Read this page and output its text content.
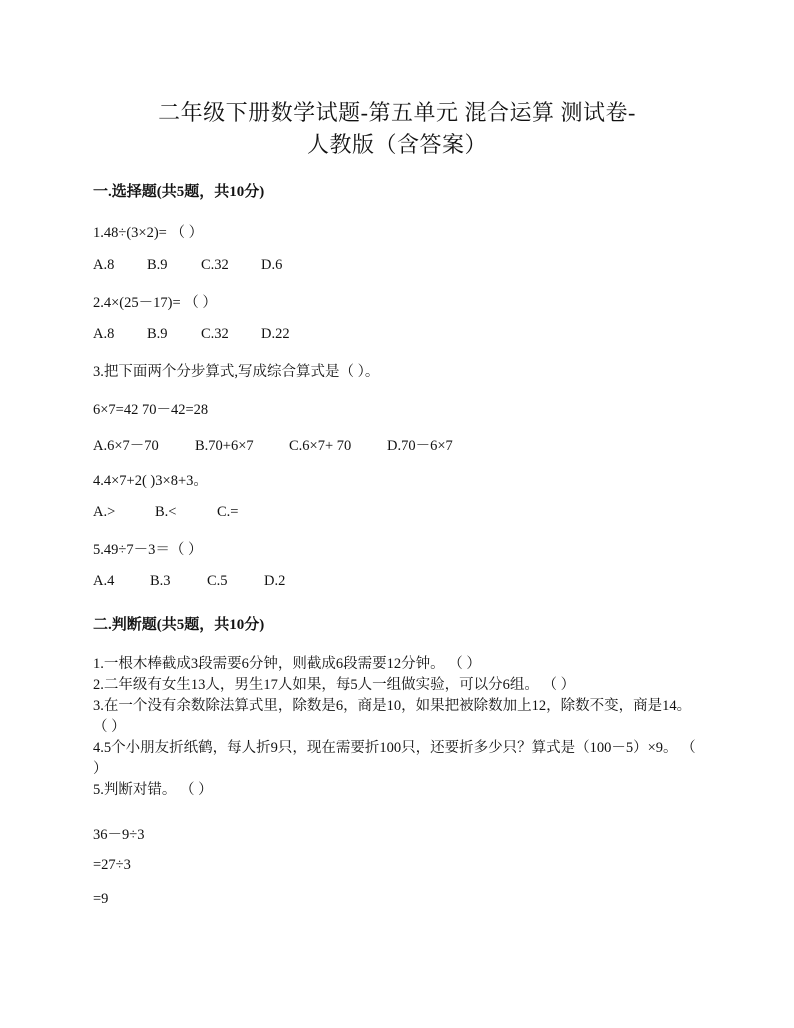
二年级下册数学试题-第五单元 混合运算 测试卷-
人教版（含答案）
一.选择题(共5题，共10分)
1.48÷(3×2)= （ ）
A.8 B.9 C.32 D.6
2.4×(25－17)= （ ）
A.8 B.9 C.32 D.22
3.把下面两个分步算式,写成综合算式是（ ）。
6×7=42 70－42=28
A.6×7－70 B.70+6×7 C.6×7+ 70 D.70－6×7
4.4×7+2( )3×8+3。
A.>	B.<	C.=
5.49÷7－3＝（ ）
A.4 B.3	C.5	D.2
二.判断题(共5题，共10分)
1.一根木棒截成3段需要6分钟，则截成6段需要12分钟。 （ ）
2.二年级有女生13人，男生17人如果，每5人一组做实验，可以分6组。 （ ）
3.在一个没有余数除法算式里，除数是6，商是10，如果把被除数加上12，除数不变，商是14。 （ ）
4.5个小朋友折纸鹤，每人折9只，现在需要折100只，还要折多少只？算式是（100－5）×9。 （ ）
5.判断对错。 （ ）
36－9÷3
=27÷3
=9
